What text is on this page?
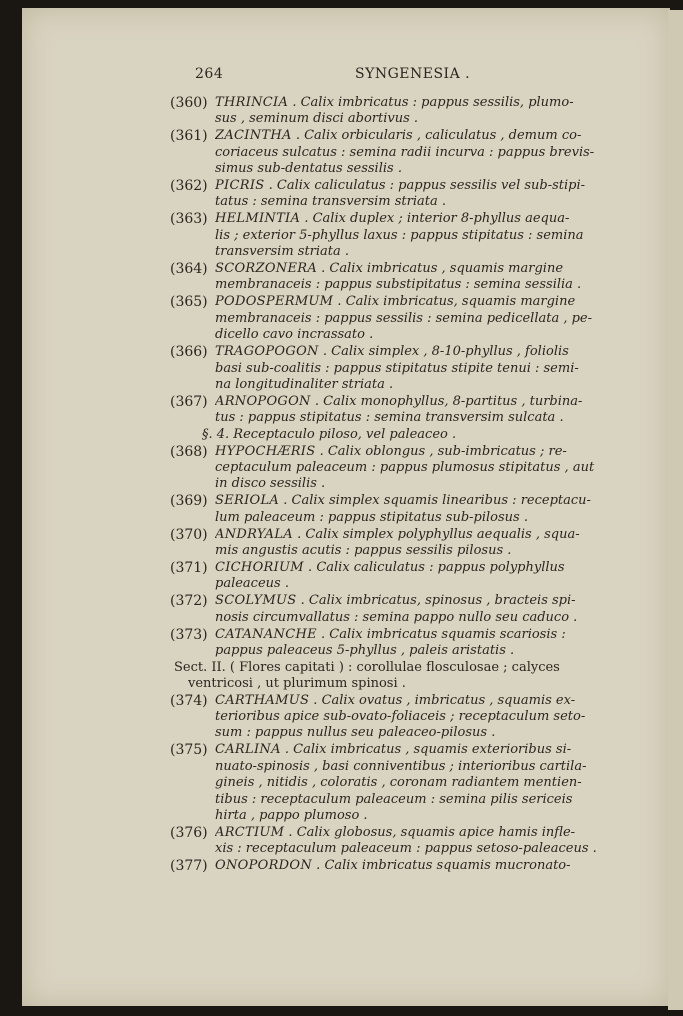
264	SYNGENESIA .
(360) THRINCIA . Calix imbricatus : pappus sessilis, plumo-
sus , seminum disci abortivus .
(361) ZACINTHA . Calix orbicularis , caliculatus , demum co-
coriaceus sulcatus : semina radii incurva : pappus brevis-
simus sub-dentatus sessilis .
(362) PICRIS . Calix caliculatus : pappus sessilis vel sub-stipi-
tatus : semina transversim striata .
(363) HELMINTIA . Calix duplex ; interior 8-phyllus aequa-
lis ; exterior 5-phyllus laxus : pappus stipitatus : semina
transversim striata .
(364) SCORZONERA . Calix imbricatus , squamis margine
membranaceis : pappus substipitatus : semina sessilia .
(365) PODOSPERMUM . Calix imbricatus, squamis margine
membranaceis : pappus sessilis : semina pedicellata , pe-
dicello cavo incrassato .
(366) TRAGOPOGON . Calix simplex , 8-10-phyllus , foliolis
basi sub-coalitis : pappus stipitatus stipite tenui : semi-
na longitudinaliter striata .
(367) ARNOPOGON . Calix monophyllus, 8-partitus , turbina-
tus : pappus stipitatus : semina transversim sulcata .
§. 4. Receptaculo piloso, vel paleaceo .
(368) HYPOCHÆRIS . Calix oblongus , sub-imbricatus ; re-
ceptaculum paleaceum : pappus plumosus stipitatus , aut
in disco sessilis .
(369) SERIOLA . Calix simplex squamis linearibus : receptacu-
lum paleaceum : pappus stipitatus sub-pilosus .
(370) ANDRYALA . Calix simplex polyphyllus aequalis , squa-
mis angustis acutis : pappus sessilis pilosus .
(371) CICHORIUM . Calix caliculatus : pappus polyphyllus
paleaceus .
(372) SCOLYMUS . Calix imbricatus, spinosus , bracteis spi-
nosis circumvallatus : semina pappo nullo seu caduco .
(373) CATANANCHE . Calix imbricatus squamis scariosis :
pappus paleaceus 5-phyllus , paleis aristatis .
Sect. II. ( Flores capitati ) : corollulae flosculosae ; calyces
ventricosi , ut plurimum spinosi .
(374) CARTHAMUS . Calix ovatus , imbricatus , squamis ex-
terioribus apice sub-ovato-foliaceis ; receptaculum seto-
sum : pappus nullus seu paleaceo-pilosus .
(375) CARLINA . Calix imbricatus , squamis exterioribus si-
nuato-spinosis , basi conniventibus ; interioribus cartila-
gineis , nitidis , coloratis , coronam radiantem mentien-
tibus : receptaculum paleaceum : semina pilis sericeis
hirta , pappo plumoso .
(376) ARCTIUM . Calix globosus, squamis apice hamis infle-
xis : receptaculum paleaceum : pappus setoso-paleaceus .
(377) ONOPORDON . Calix imbricatus squamis mucronato-
